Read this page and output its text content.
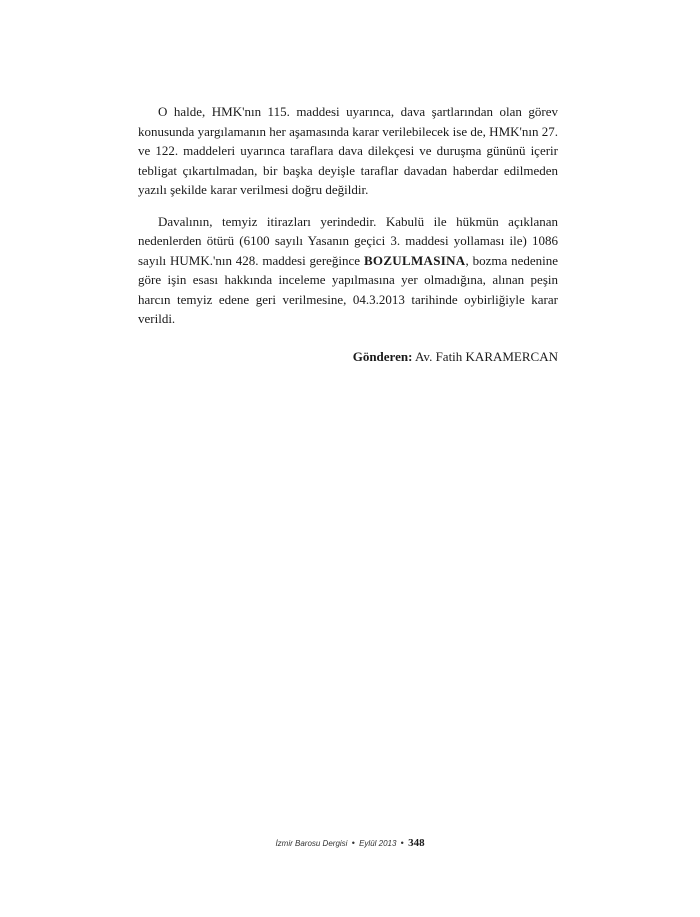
O halde, HMK'nın 115. maddesi uyarınca, dava şartlarından olan görev konusunda yargılamanın her aşamasında karar verilebilecek ise de, HMK'nın 27. ve 122. maddeleri uyarınca taraflara dava dilekçesi ve duruşma gününü içerir tebligat çıkartılmadan, bir başka deyişle taraflar davadan haberdar edilmeden yazılı şekilde karar verilmesi doğru değildir.

Davalının, temyiz itirazları yerindedir. Kabulü ile hükmün açıklanan nedenlerden ötürü (6100 sayılı Yasanın geçici 3. maddesi yollaması ile) 1086 sayılı HUMK.'nın 428. maddesi gereğince BOZULMASINA, bozma nedenine göre işin esası hakkında inceleme yapılmasına yer olmadığına, alınan peşin harcın temyiz edene geri verilmesine, 04.3.2013 tarihinde oybirliğiyle karar verildi.

Gönderen: Av. Fatih KARAMERCAN
İzmir Barosu Dergisi • Eylül 2013 • 348
